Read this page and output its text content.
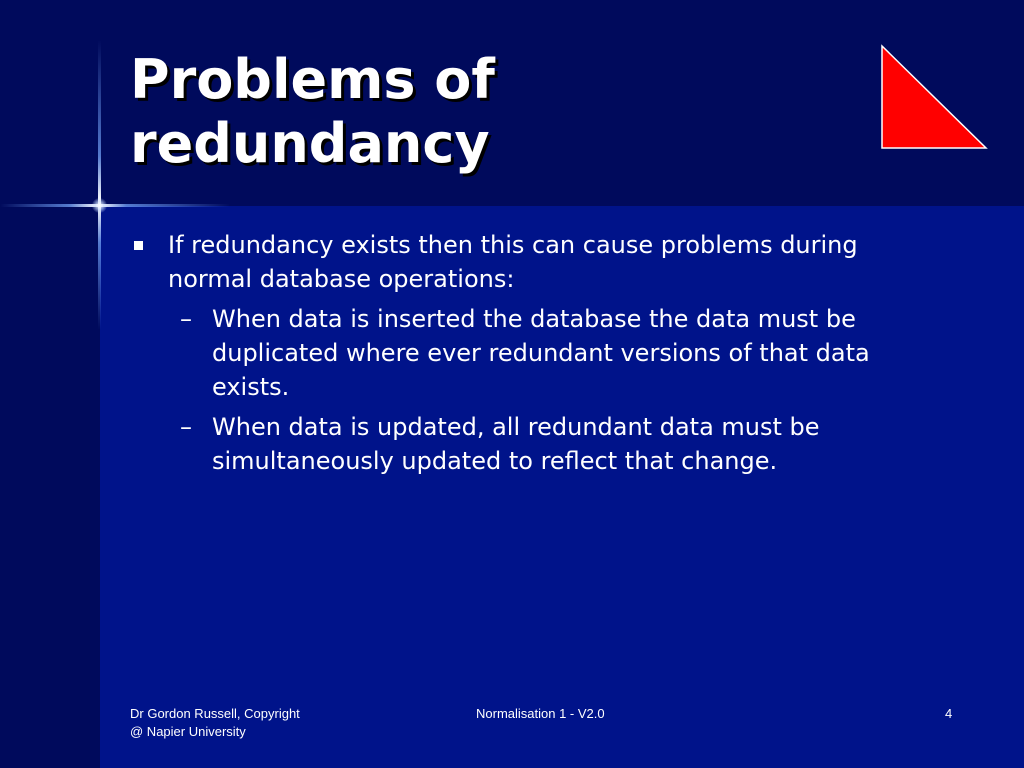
Problems of
redundancy
If redundancy exists then this can cause problems during
normal database operations:
– When data is inserted the database the data must be
duplicated where ever redundant versions of that data
exists.
– When data is updated, all redundant data must be
simultaneously updated to reflect that change.
Dr Gordon Russell, Copyright
@ Napier University
Normalisation 1 - V2.0	4
